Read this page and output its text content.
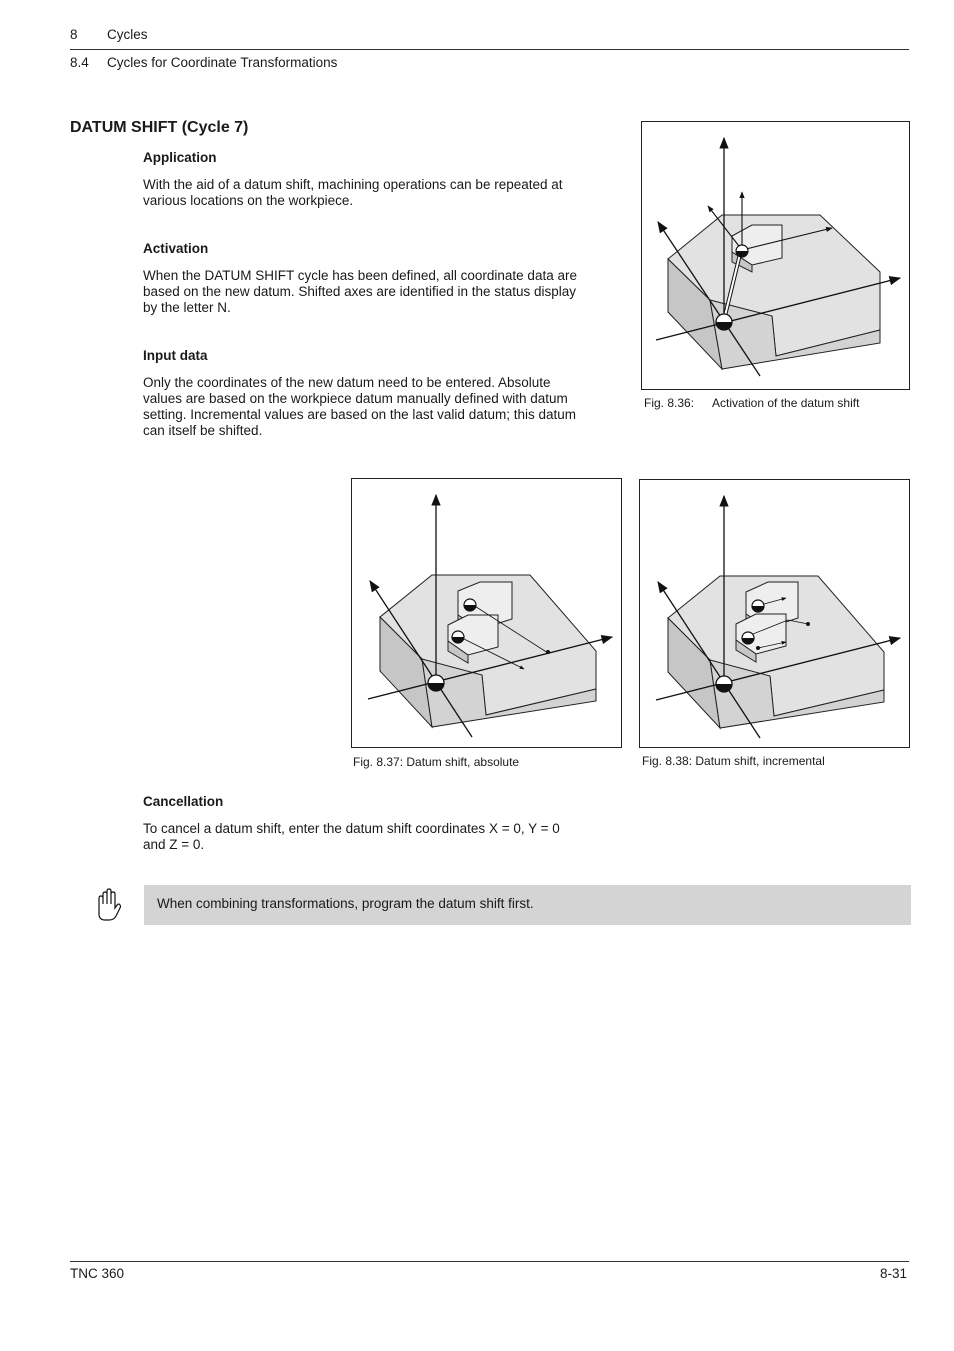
8 Cycles
8.4 Cycles for Coordinate Transformations
DATUM SHIFT (Cycle 7)
Application
With the aid of a datum shift, machining operations can be repeated at
various locations on the workpiece.
Activation
When the DATUM SHIFT cycle has been defined, all coordinate data are
based on the new datum. Shifted axes are identified in the status display
by the letter N.
Input data
Only the coordinates of the new datum need to be entered. Absolute
values are based on the workpiece datum manually defined with datum
setting. Incremental values are based on the last valid datum; this datum
can itself be shifted.
Fig. 8.36: Activation of the datum shift
Fig. 8.37: Datum shift, absolute	Fig. 8.38: Datum shift, incremental
Cancellation
To cancel a datum shift, enter the datum shift coordinates X = 0, Y = 0
and Z = 0.
When combining transformations, program the datum shift first.
TNC 360	8-31
